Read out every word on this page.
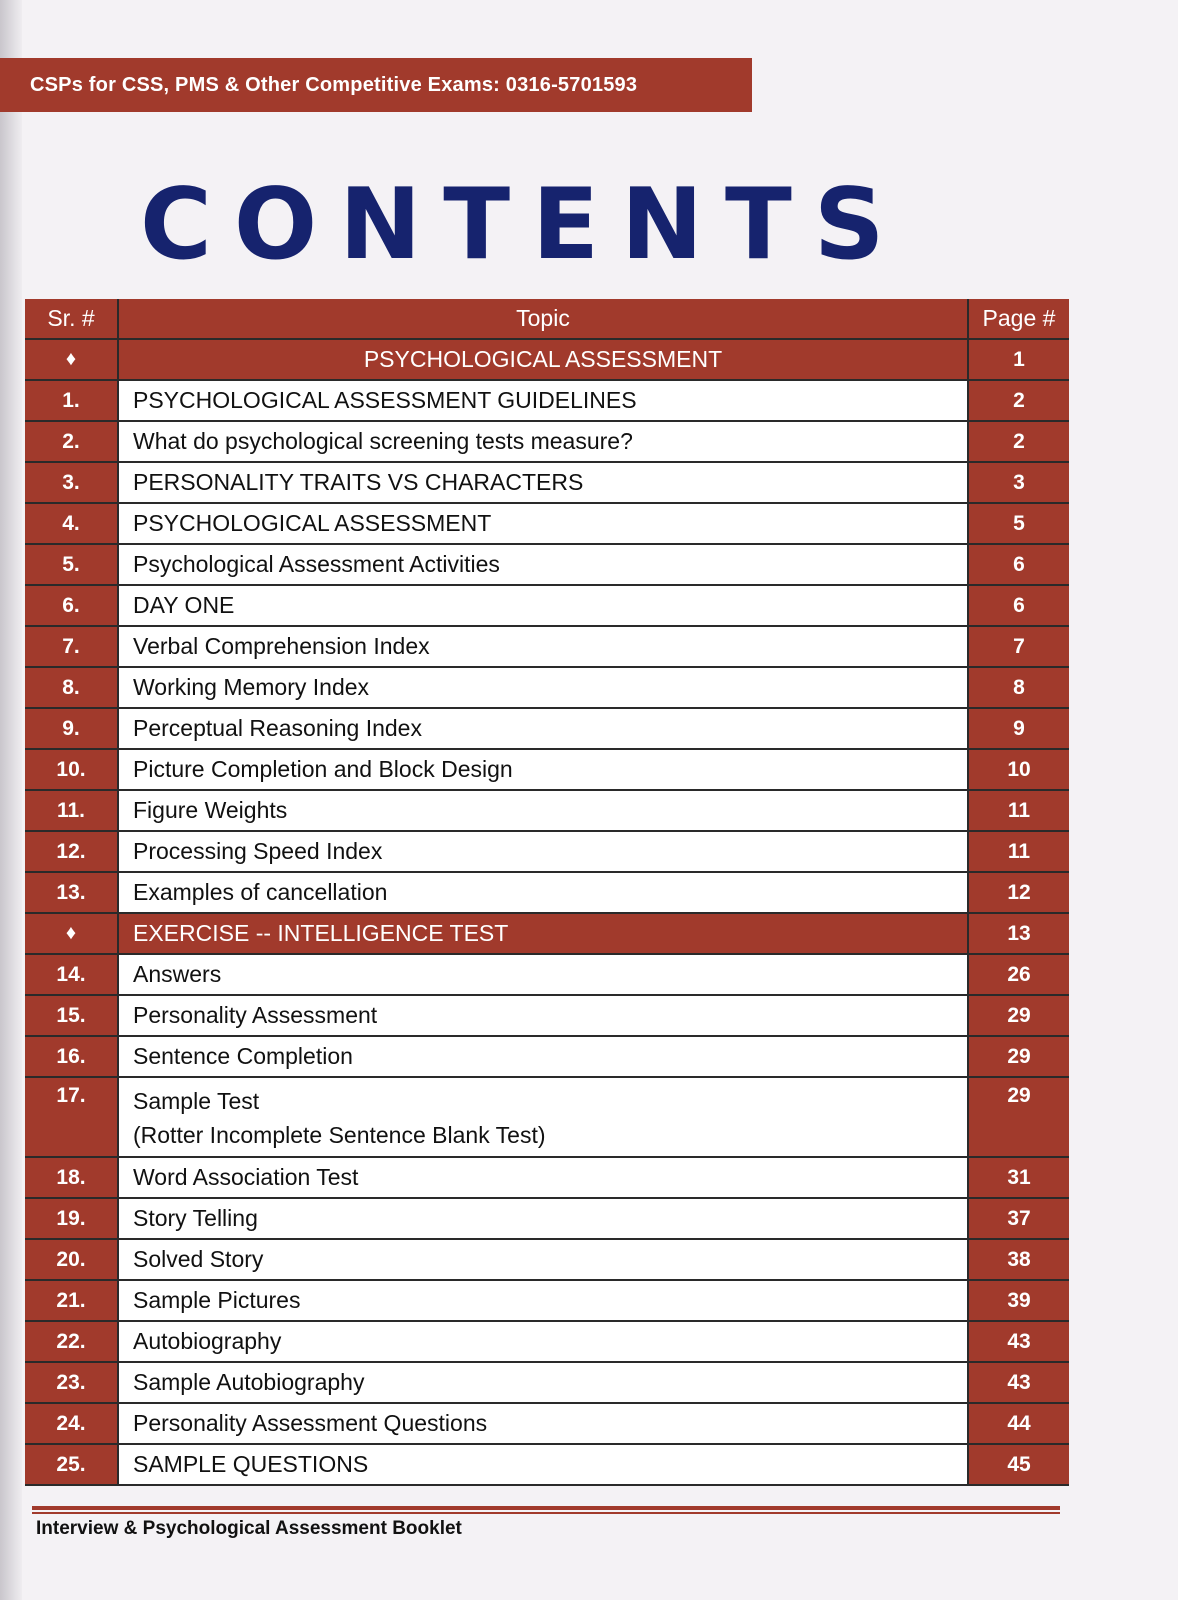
CSPs for CSS, PMS & Other Competitive Exams: 0316-5701593
CONTENTS
Sr. #	Topic	Page #
♦	PSYCHOLOGICAL ASSESSMENT	1
1.	PSYCHOLOGICAL ASSESSMENT GUIDELINES	2
2.	What do psychological screening tests measure?	2
3.	PERSONALITY TRAITS VS CHARACTERS	3
4.	PSYCHOLOGICAL ASSESSMENT	5
5.	Psychological Assessment Activities	6
6.	DAY ONE	6
7.	Verbal Comprehension Index	7
8.	Working Memory Index	8
9.	Perceptual Reasoning Index	9
10.	Picture Completion and Block Design	10
11.	Figure Weights	11
12.	Processing Speed Index	11
13.	Examples of cancellation	12
♦	EXERCISE -- INTELLIGENCE TEST	13
14.	Answers	26
15.	Personality Assessment	29
16.	Sentence Completion	29
17.	Sample Test
(Rotter Incomplete Sentence Blank Test)	29
18.	Word Association Test	31
19.	Story Telling	37
20.	Solved Story	38
21.	Sample Pictures	39
22.	Autobiography	43
23.	Sample Autobiography	43
24.	Personality Assessment Questions	44
25.	SAMPLE QUESTIONS	45
Interview & Psychological Assessment Booklet
